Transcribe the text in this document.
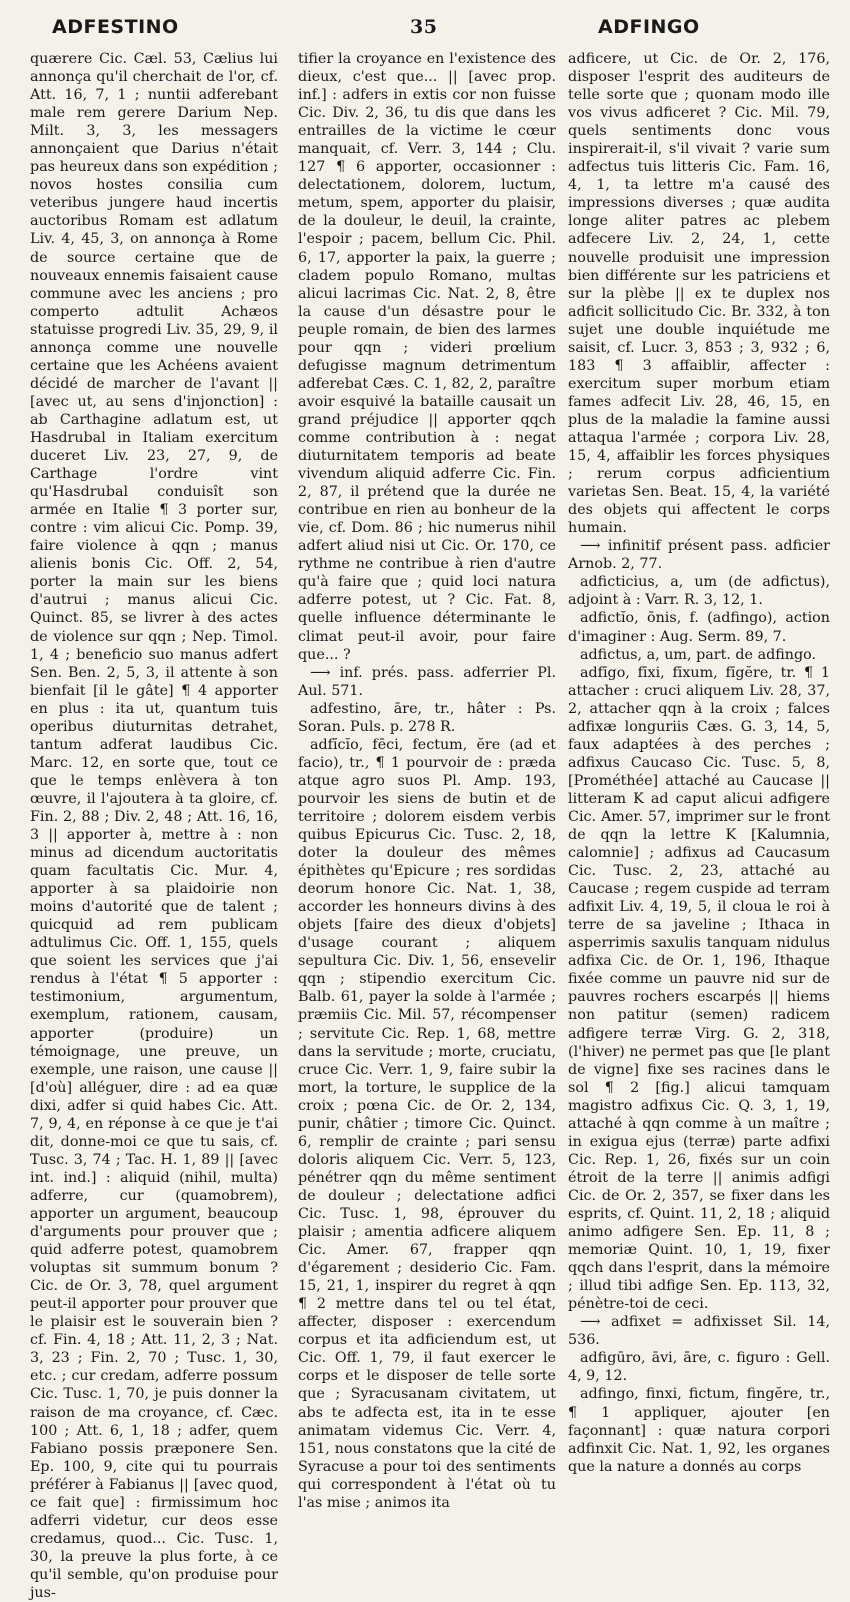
ADFESTINO	35	ADFINGO

quærere Cic. Cæl. 53, Cælius lui annonça qu'il cherchait de l'or, cf. Att. 16, 7, 1 ; nuntii adferebant male rem gerere Darium Nep. Milt. 3, 3, les messagers annonçaient que Darius n'était pas heureux dans son expédition ; novos hostes consilia cum veteribus jungere haud incertis auctoribus Romam est adlatum Liv. 4, 45, 3, on annonça à Rome de source certaine que de nouveaux ennemis faisaient cause commune avec les anciens ; pro comperto adtulit Achæos statuisse progredi Liv. 35, 29, 9, il annonça comme une nouvelle certaine que les Achéens avaient décidé de marcher de l'avant || [avec ut, au sens d'injonction] : ab Carthagine adlatum est, ut Hasdrubal in Italiam exercitum duceret Liv. 23, 27, 9, de Carthage l'ordre vint qu'Hasdrubal conduisît son armée en Italie ¶ 3 porter sur, contre : vim alicui Cic. Pomp. 39, faire violence à qqn ; manus alienis bonis Cic. Off. 2, 54, porter la main sur les biens d'autrui ; manus alicui Cic. Quinct. 85, se livrer à des actes de violence sur qqn ; Nep. Timol. 1, 4 ; beneficio suo manus adfert Sen. Ben. 2, 5, 3, il attente à son bienfait [il le gâte] ¶ 4 apporter en plus : ita ut, quantum tuis operibus diuturnitas detrahet, tantum adferat laudibus Cic. Marc. 12, en sorte que, tout ce que le temps enlèvera à ton œuvre, il l'ajoutera à ta gloire, cf. Fin. 2, 88 ; Div. 2, 48 ; Att. 16, 16, 3 || apporter à, mettre à : non minus ad dicendum auctoritatis quam facultatis Cic. Mur. 4, apporter à sa plaidoirie non moins d'autorité que de talent ; quicquid ad rem publicam adtulimus Cic. Off. 1, 155, quels que soient les services que j'ai rendus à l'état ¶ 5 apporter : testimonium, argumentum, exemplum, rationem, causam, apporter (produire) un témoignage, une preuve, un exemple, une raison, une cause || [d'où] alléguer, dire : ad ea quæ dixi, adfer si quid habes Cic. Att. 7, 9, 4, en réponse à ce que je t'ai dit, donne-moi ce que tu sais, cf. Tusc. 3, 74 ; Tac. H. 1, 89 || [avec int. ind.] : aliquid (nihil, multa) adferre, cur (quamobrem), apporter un argument, beaucoup d'arguments pour prouver que ; quid adferre potest, quamobrem voluptas sit summum bonum ? Cic. de Or. 3, 78, quel argument peut-il apporter pour prouver que le plaisir est le souverain bien ? cf. Fin. 4, 18 ; Att. 11, 2, 3 ; Nat. 3, 23 ; Fin. 2, 70 ; Tusc. 1, 30, etc. ; cur credam, adferre possum Cic. Tusc. 1, 70, je puis donner la raison de ma croyance, cf. Cæc. 100 ; Att. 6, 1, 18 ; adfer, quem Fabiano possis præponere Sen. Ep. 100, 9, cite qui tu pourrais préférer à Fabianus || [avec quod, ce fait que] : firmissimum hoc adferri videtur, cur deos esse credamus, quod... Cic. Tusc. 1, 30, la preuve la plus forte, à ce qu'il semble, qu'on produise pour jus-

tifier la croyance en l'existence des dieux, c'est que... || [avec prop. inf.] : adfers in extis cor non fuisse Cic. Div. 2, 36, tu dis que dans les entrailles de la victime le cœur manquait, cf. Verr. 3, 144 ; Clu. 127 ¶ 6 apporter, occasionner : delectationem, dolorem, luctum, metum, spem, apporter du plaisir, de la douleur, le deuil, la crainte, l'espoir ; pacem, bellum Cic. Phil. 6, 17, apporter la paix, la guerre ; cladem populo Romano, multas alicui lacrimas Cic. Nat. 2, 8, être la cause d'un désastre pour le peuple romain, de bien des larmes pour qqn ; videri prœlium defugisse magnum detrimentum adferebat Cæs. C. 1, 82, 2, paraître avoir esquivé la bataille causait un grand préjudice || apporter qqch comme contribution à : negat diuturnitatem temporis ad beate vivendum aliquid adferre Cic. Fin. 2, 87, il prétend que la durée ne contribue en rien au bonheur de la vie, cf. Dom. 86 ; hic numerus nihil adfert aliud nisi ut Cic. Or. 170, ce rythme ne contribue à rien d'autre qu'à faire que ; quid loci natura adferre potest, ut ? Cic. Fat. 8, quelle influence déterminante le climat peut-il avoir, pour faire que... ?

⟶ inf. prés. pass. adferrier Pl. Aul. 571.

adfestino, āre, tr., hâter : Ps. Soran. Puls. p. 278 R.

adfĭcĭo, fēci, fectum, ĕre (ad et facio), tr., ¶ 1 pourvoir de : præda atque agro suos Pl. Amp. 193, pourvoir les siens de butin et de territoire ; dolorem eisdem verbis quibus Epicurus Cic. Tusc. 2, 18, doter la douleur des mêmes épithètes qu'Epicure ; res sordidas deorum honore Cic. Nat. 1, 38, accorder les honneurs divins à des objets [faire des dieux d'objets] d'usage courant ; aliquem sepultura Cic. Div. 1, 56, ensevelir qqn ; stipendio exercitum Cic. Balb. 61, payer la solde à l'armée ; præmiis Cic. Mil. 57, récompenser ; servitute Cic. Rep. 1, 68, mettre dans la servitude ; morte, cruciatu, cruce Cic. Verr. 1, 9, faire subir la mort, la torture, le supplice de la croix ; pœna Cic. de Or. 2, 134, punir, châtier ; timore Cic. Quinct. 6, remplir de crainte ; pari sensu doloris aliquem Cic. Verr. 5, 123, pénétrer qqn du même sentiment de douleur ; delectatione adfici Cic. Tusc. 1, 98, éprouver du plaisir ; amentia adficere aliquem Cic. Amer. 67, frapper qqn d'égarement ; desiderio Cic. Fam. 15, 21, 1, inspirer du regret à qqn ¶ 2 mettre dans tel ou tel état, affecter, disposer : exercendum corpus et ita adficiendum est, ut Cic. Off. 1, 79, il faut exercer le corps et le disposer de telle sorte que ; Syracusanam civitatem, ut abs te adfecta est, ita in te esse animatam videmus Cic. Verr. 4, 151, nous constatons que la cité de Syracuse a pour toi des sentiments qui correspondent à l'état où tu l'as mise ; animos ita

adficere, ut Cic. de Or. 2, 176, disposer l'esprit des auditeurs de telle sorte que ; quonam modo ille vos vivus adficeret ? Cic. Mil. 79, quels sentiments donc vous inspirerait-il, s'il vivait ? varie sum adfectus tuis litteris Cic. Fam. 16, 4, 1, ta lettre m'a causé des impressions diverses ; quæ audita longe aliter patres ac plebem adfecere Liv. 2, 24, 1, cette nouvelle produisit une impression bien différente sur les patriciens et sur la plèbe || ex te duplex nos adficit sollicitudo Cic. Br. 332, à ton sujet une double inquiétude me saisit, cf. Lucr. 3, 853 ; 3, 932 ; 6, 183 ¶ 3 affaiblir, affecter : exercitum super morbum etiam fames adfecit Liv. 28, 46, 15, en plus de la maladie la famine aussi attaqua l'armée ; corpora Liv. 28, 15, 4, affaiblir les forces physiques ; rerum corpus adficientium varietas Sen. Beat. 15, 4, la variété des objets qui affectent le corps humain.

⟶ infinitif présent pass. adficier Arnob. 2, 77.

adficticius, a, um (de adfictus), adjoint à : Varr. R. 3, 12, 1.

adfictĭo, ōnis, f. (adfingo), action d'imaginer : Aug. Serm. 89, 7.

adfictus, a, um, part. de adfingo.

adfīgo, fīxi, fīxum, fīgĕre, tr. ¶ 1 attacher : cruci aliquem Liv. 28, 37, 2, attacher qqn à la croix ; falces adfixæ longuriis Cæs. G. 3, 14, 5, faux adaptées à des perches ; adfixus Caucaso Cic. Tusc. 5, 8, [Prométhée] attaché au Caucase || litteram K ad caput alicui adfigere Cic. Amer. 57, imprimer sur le front de qqn la lettre K [Kalumnia, calomnie] ; adfixus ad Caucasum Cic. Tusc. 2, 23, attaché au Caucase ; regem cuspide ad terram adfixit Liv. 4, 19, 5, il cloua le roi à terre de sa javeline ; Ithaca in asperrimis saxulis tanquam nidulus adfixa Cic. de Or. 1, 196, Ithaque fixée comme un pauvre nid sur de pauvres rochers escarpés || hiems non patitur (semen) radicem adfigere terræ Virg. G. 2, 318, (l'hiver) ne permet pas que [le plant de vigne] fixe ses racines dans le sol ¶ 2 [fig.] alicui tamquam magistro adfixus Cic. Q. 3, 1, 19, attaché à qqn comme à un maître ; in exigua ejus (terræ) parte adfixi Cic. Rep. 1, 26, fixés sur un coin étroit de la terre || animis adfigi Cic. de Or. 2, 357, se fixer dans les esprits, cf. Quint. 11, 2, 18 ; aliquid animo adfigere Sen. Ep. 11, 8 ; memoriæ Quint. 10, 1, 19, fixer qqch dans l'esprit, dans la mémoire ; illud tibi adfige Sen. Ep. 113, 32, pénètre-toi de ceci.

⟶ adfixet = adfixisset Sil. 14, 536.

adfigūro, āvi, āre, c. figuro : Gell. 4, 9, 12.

adfingo, finxi, fictum, fingĕre, tr., ¶ 1 appliquer, ajouter [en façonnant] : quæ natura corpori adfinxit Cic. Nat. 1, 92, les organes que la nature a donnés au corps
